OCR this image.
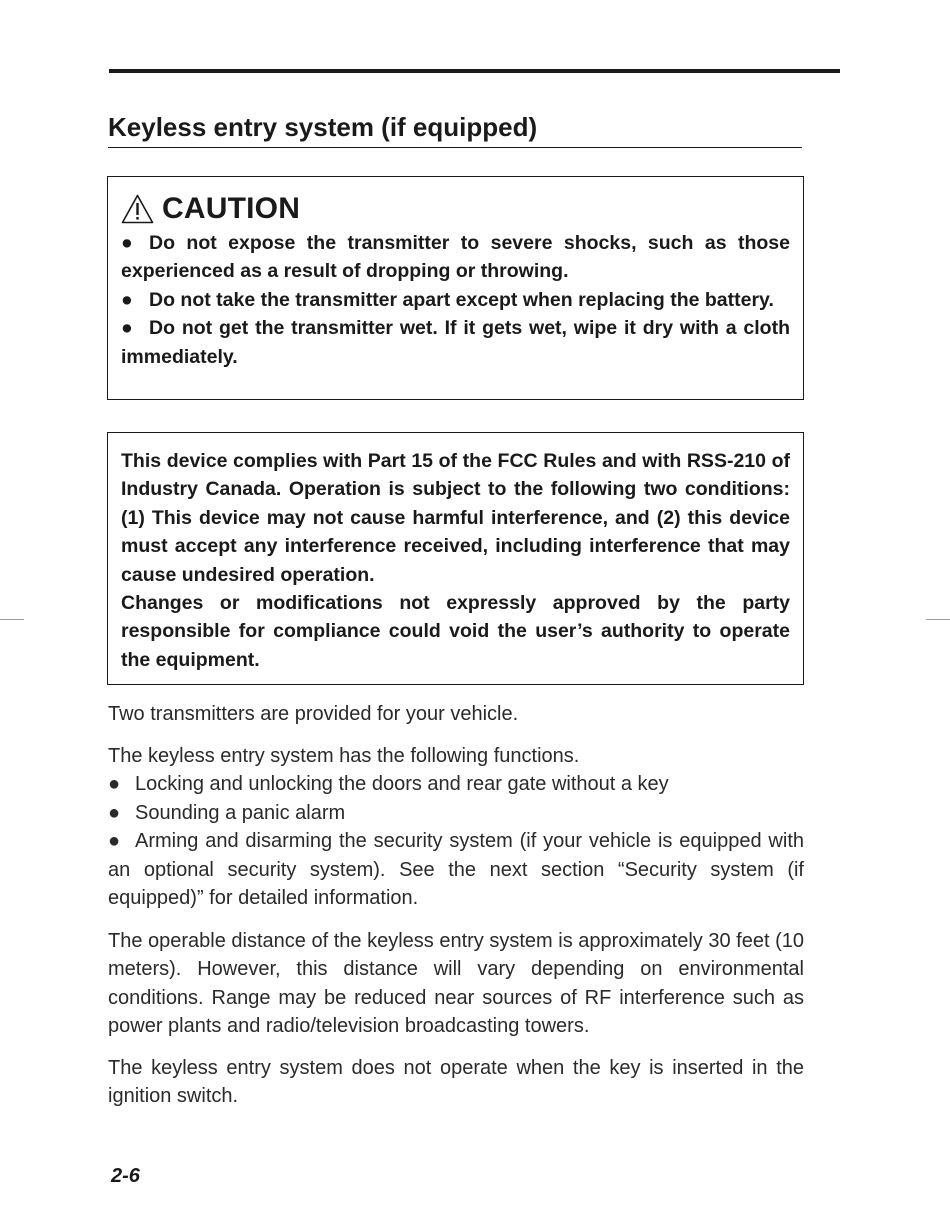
Keyless entry system (if equipped)
CAUTION

● Do not expose the transmitter to severe shocks, such as those experienced as a result of dropping or throwing.

● Do not take the transmitter apart except when replacing the battery.

● Do not get the transmitter wet. If it gets wet, wipe it dry with a cloth immediately.

This device complies with Part 15 of the FCC Rules and with RSS-210 of Industry Canada. Operation is subject to the following two conditions: (1) This device may not cause harmful interference, and (2) this device must accept any interference received, including interference that may cause undesired operation.

Changes or modifications not expressly approved by the party responsible for compliance could void the user’s authority to operate the equipment.

Two transmitters are provided for your vehicle.

The keyless entry system has the following functions.

● Locking and unlocking the doors and rear gate without a key

● Sounding a panic alarm

● Arming and disarming the security system (if your vehicle is equipped with an optional security system). See the next section “Security system (if equipped)” for detailed information.

The operable distance of the keyless entry system is approximately 30 feet (10 meters). However, this distance will vary depending on environmental conditions. Range may be reduced near sources of RF interference such as power plants and radio/television broadcasting towers.

The keyless entry system does not operate when the key is inserted in the ignition switch.

2-6
